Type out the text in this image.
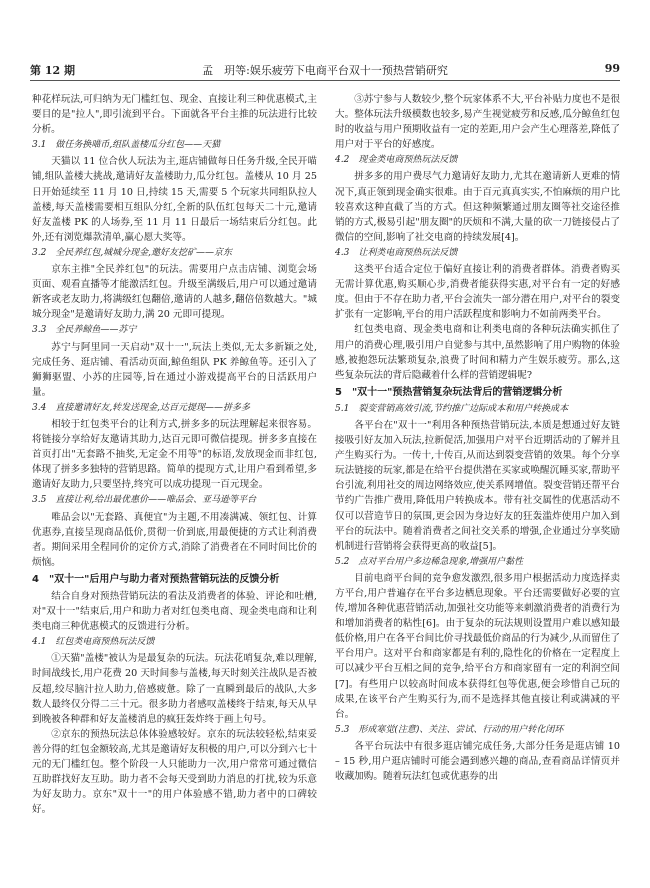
第 12 期	孟　玥等:娱乐疲劳下电商平台双十一预热营销研究	99

种花样玩法,可归纳为无门槛红包、现金、直接让利三种优惠模式,主要目的是"拉人",即引流到平台。下面就各平台主推的玩法进行比较分析。

3.1　做任务换喵币,组队盖楼瓜分红包——天猫

天猫以 11 位合伙人玩法为主,逛店铺做每日任务升级,全民开喵铺,组队盖楼大挑战,邀请好友盖楼助力,瓜分红包。盖楼从 10 月 25 日开始延续至 11 月 10 日,持续 15 天,需要 5 个玩家共同组队拉人盖楼,每天盖楼需要相互组队分红,全新的队伍红包每天二十元,邀请好友盖楼 PK 的人场券,至 11 月 11 日最后一场结束后分红包。此外,还有浏览爆款清单,赢心愿大奖等。

3.2　全民养红包,城城分现金,邀好友挖矿——京东

京东主推"全民养红包"的玩法。需要用户点击店铺、浏览会场页面、观看直播等才能激活红包。升级至满级后,用户可以通过邀请新客或老友助力,将满级红包翻倍,邀请的人越多,翻倍倍数越大。"城城分现金"是邀请好友助力,满 20 元即可提现。

3.3　全民养鲸鱼——苏宁

苏宁与阿里同一天启动"双十一",玩法上类似,无太多新颖之处,完成任务、逛店铺、看活动页面,鲸鱼组队 PK 养鲸鱼等。还引入了狮狮驱盟、小苏的庄园等,旨在通过小游戏提高平台的日活跃用户量。

3.4　直接邀请好友,转发送现金,达百元提现——拼多多

相较于红包类平台的让利方式,拼多多的玩法理解起来很容易。将链接分享给好友邀请其助力,达百元即可微信提现。拼多多直接在首页打出"无套路不抽奖,无定金不用等"的标语,发放现金而非红包,体现了拼多多独特的营销思路。简单的提现方式,让用户看到希望,多邀请好友助力,只要坚持,终究可以成功提现一百元现金。

3.5　直接让利,给出最优惠价——唯品会、亚马逊等平台

唯品会以"无套路、真便宜"为主题,不用凑满减、领红包、计算优惠券,直接呈现商品低价,贯彻一价到底,用最便捷的方式让利消费者。期间采用全程同价的定价方式,消除了消费者在不同时间比价的烦恼。

4　"双十一"后用户与助力者对预热营销玩法的反馈分析

结合自身对预热营销玩法的看法及消费者的体验、评论和吐槽,对"双十一"结束后,用户和助力者对红包类电商、现金类电商和让利类电商三种优惠模式的反馈进行分析。

4.1　红包类电商预热玩法反馈

①天猫"盖楼"被认为是最复杂的玩法。玩法花哨复杂,难以理解,时间战线长,用户花费 20 天时间参与盖楼,每天时刻关注战队是否被反超,绞尽脑汁拉人助力,倍感疲惫。除了一直瞬到最后的战队,大多数人最终仅分得二三十元。很多助力者感叹盖楼终于结束,每天从早到晚被各种群和好友盖楼消息的疯狂轰炸终于画上句号。

②京东的预热玩法总体体验感较好。京东的玩法较轻松,结束妥善分得的红包金额较高,尤其是邀请好友积极的用户,可以分到六七十元的无门槛红包。整个阶段一人只能助力一次,用户常常可通过微信互助群找好友互助。助力者不会每天受到助力消息的打扰,较为乐意为好友助力。京东"双十一"的用户体验感不错,助力者中的口碑较好。

③苏宁参与人数较少,整个玩家体系不大,平台补贴力度也不是很大。整体玩法升级模数也较多,易产生视觉疲劳和反感,瓜分鲸鱼红包时的收益与用户预期收益有一定的差距,用户会产生心理落差,降低了用户对于平台的好感度。

4.2　现金类电商预热玩法反馈

拼多多的用户费尽气力邀请好友助力,尤其在邀请新人更难的情况下,真正领到现金确实很难。由于百元真真实实,不怕麻烦的用户比较喜欢这种直截了当的方式。但这种频繁通过朋友圈等社交途径推销的方式,极易引起"朋友圈"的厌烦和不满,大量的砍一刀链接侵占了微信的空间,影响了社交电商的持续发展[4]。

4.3　让利类电商预热玩法反馈

这类平台适合定位于偏好直接让利的消费者群体。消费者购买无需计算优惠,购买顺心步,消费者能获得实惠,对平台有一定的好感度。但由于不存在助力者,平台会流失一部分潜在用户,对平台的裂变扩张有一定影响,平台的用户活跃程度和影响力不如前两类平台。

红包类电商、现金类电商和让利类电商的各种玩法确实抓住了用户的消费心理,吸引用户自觉参与其中,虽然影响了用户购物的体验感,被抱怨玩法繁琐复杂,浪费了时间和精力产生娱乐疲劳。那么,这些复杂玩法的背后隐藏着什么样的营销逻辑呢?

5　"双十一"预热营销复杂玩法背后的营销逻辑分析
5.1　裂变营销高效引流,节约推广边际成本和用户转换成本

各平台在"双十一"利用各种预热营销玩法,本质是想通过好友链接吸引好友加入玩法,拉新促活,加强用户对平台近期活动的了解并且产生购买行为。一传十,十传百,从而达到裂变营销的效果。每个分享玩法链接的玩家,都是在给平台提供潜在买家或唤醒沉睡买家,帮助平台引流,利用社交的周边网络效应,使关系网增值。裂变营销还帮平台节约广告推广费用,降低用户转换成本。带有社交属性的优惠活动不仅可以营造节日的氛围,更会因为身边好友的狂轰滥炸使用户加入到平台的玩法中。随着消费者之间社交关系的增强,企业通过分享奖励机制进行营销将会获得更高的收益[5]。

5.2　点对平台用户多边稀急现象,增强用户黏性

目前电商平台间的竞争愈发激烈,很多用户根据活动力度选择卖方平台,用户普遍存在平台多边栖息现象。平台还需要做好必要的宣传,增加各种优惠营销活动,加强社交功能等来刺激消费者的消费行为和增加消费者的粘性[6]。由于复杂的玩法规则设置用户难以感知最低价格,用户在各平台间比价寻找最低价商品的行为减少,从而留住了平台用户。这对平台和商家都是有利的,隐性化的价格在一定程度上可以减少平台互相之间的竞争,给平台方和商家留有一定的利润空间[7]。有些用户以较高时间成本获得红包等优惠,便会珍惜自己玩的成果,在该平台产生购买行为,而不是选择其他直接让利或满减的平台。

5.3　形成寒觉(注意)、关注、尝试、行动的用户转化闭环

各平台玩法中有很多逛店铺完成任务,大部分任务是逛店铺 10 – 15 秒,用户逛店铺时可能会遇到感兴趣的商品,查看商品详情页并收藏加购。随着玩法红包或优惠券的出
